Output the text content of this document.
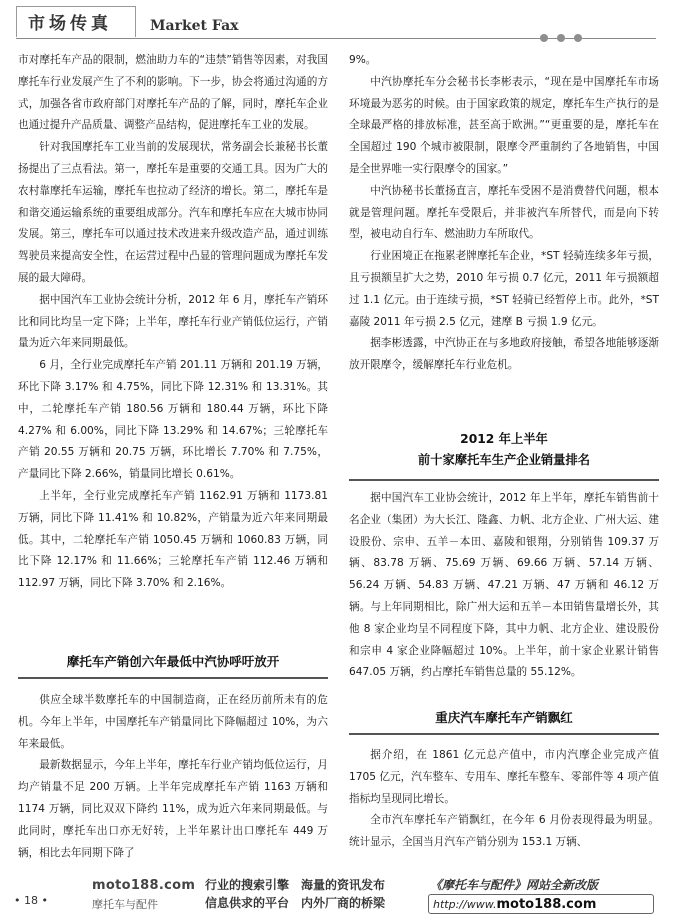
市场传真	Market Fax

市对摩托车产品的限制，燃油助力车的“违禁”销售等因素，对我国摩托车行业发展产生了不利的影响。下一步，协会将通过沟通的方式，加强各省市政府部门对摩托车产品的了解，同时，摩托车企业也通过提升产品质量、调整产品结构，促进摩托车工业的发展。

针对我国摩托车工业当前的发展现状，常务副会长兼秘书长董扬提出了三点看法。第一，摩托车是重要的交通工具。因为广大的农村靠摩托车运输，摩托车也拉动了经济的增长。第二，摩托车是和谐交通运输系统的重要组成部分。汽车和摩托车应在大城市协同发展。第三，摩托车可以通过技术改进来升级改造产品，通过训练驾驶员来提高安全性，在运营过程中凸显的管理问题成为摩托车发展的最大障碍。

据中国汽车工业协会统计分析，2012 年 6 月，摩托车产销环比和同比均呈一定下降；上半年，摩托车行业产销低位运行，产销量为近六年来同期最低。

6 月，全行业完成摩托车产销 201.11 万辆和 201.19 万辆，环比下降 3.17% 和 4.75%，同比下降 12.31% 和 13.31%。其中，二轮摩托车产销 180.56 万辆和 180.44 万辆，环比下降 4.27% 和 6.00%，同比下降 13.29% 和 14.67%；三轮摩托车产销 20.55 万辆和 20.75 万辆，环比增长 7.70% 和 7.75%，产量同比下降 2.66%，销量同比增长 0.61%。

上半年，全行业完成摩托车产销 1162.91 万辆和 1173.81 万辆，同比下降 11.41% 和 10.82%，产销量为近六年来同期最低。其中，二轮摩托车产销 1050.45 万辆和 1060.83 万辆，同比下降 12.17% 和 11.66%；三轮摩托车产销 112.46 万辆和 112.97 万辆，同比下降 3.70% 和 2.16%。

摩托车产销创六年最低中汽协呼吁放开

供应全球半数摩托车的中国制造商，正在经历前所未有的危机。今年上半年，中国摩托车产销量同比下降幅超过 10%，为六年来最低。

最新数据显示，今年上半年，摩托车行业产销均低位运行，月均产销量不足 200 万辆。上半年完成摩托车产销 1163 万辆和 1174 万辆，同比双双下降约 11%，成为近六年来同期最低。与此同时，摩托车出口亦无好转，上半年累计出口摩托车 449 万辆，相比去年同期下降了

9%。

中汽协摩托车分会秘书长李彬表示，“现在是中国摩托车市场环境最为恶劣的时候。由于国家政策的规定，摩托车生产执行的是全球最严格的排放标准，甚至高于欧洲。”“更重要的是，摩托车在全国超过 190 个城市被限制，限摩令严重制约了各地销售，中国是全世界唯一实行限摩令的国家。”

中汽协秘书长董扬直言，摩托车受困不是消费替代问题，根本就是管理问题。摩托车受限后，并非被汽车所替代，而是向下转型，被电动自行车、燃油助力车所取代。

行业困境正在拖累老牌摩托车企业，*ST 轻骑连续多年亏损，且亏损额呈扩大之势，2010 年亏损 0.7 亿元，2011 年亏损额超过 1.1 亿元。由于连续亏损，*ST 轻骑已经暂停上市。此外，*ST 嘉陵 2011 年亏损 2.5 亿元，建摩 B 亏损 1.9 亿元。

据李彬透露，中汽协正在与多地政府接触，希望各地能够逐渐放开限摩令，缓解摩托车行业危机。

2012 年上半年
前十家摩托车生产企业销量排名

据中国汽车工业协会统计，2012 年上半年，摩托车销售前十名企业（集团）为大长江、隆鑫、力帆、北方企业、广州大运、建设股份、宗申、五羊－本田、嘉陵和银翔，分别销售 109.37 万辆、83.78 万辆、75.69 万辆、69.66 万辆、57.14 万辆、56.24 万辆、54.83 万辆、47.21 万辆、47 万辆和 46.12 万辆。与上年同期相比，除广州大运和五羊－本田销售量增长外，其他 8 家企业均呈不同程度下降，其中力帆、北方企业、建设股份和宗申 4 家企业降幅超过 10%。上半年，前十家企业累计销售 647.05 万辆，约占摩托车销售总量的 55.12%。

重庆汽车摩托车产销飘红

据介绍，在 1861 亿元总产值中，市内汽摩企业完成产值 1705 亿元，汽车整车、专用车、摩托车整车、零部件等 4 项产值指标均呈现同比增长。

全市汽车摩托车产销飘红，在今年 6 月份表现得最为明显。统计显示，全国当月汽车产销分别为 153.1 万辆、

• 18 •
moto188.com
摩托车与配件
行业的搜索引擎　海量的资讯发布
信息供求的平台　内外厂商的桥梁
《摩托车与配件》网站全新改版
http://www.moto188.com
